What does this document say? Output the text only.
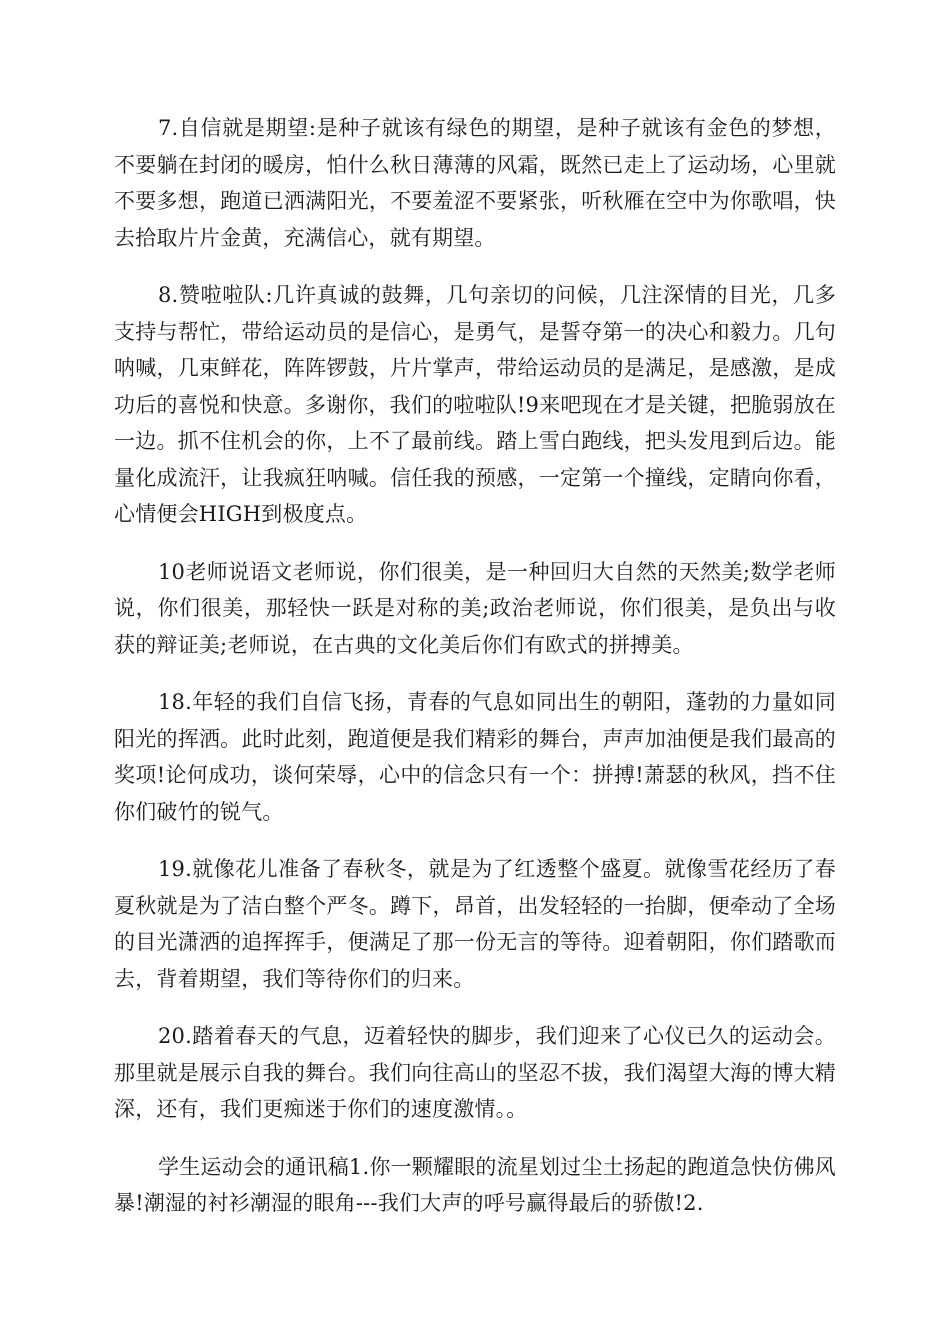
7.自信就是期望:是种子就该有绿色的期望，是种子就该有金色的梦想，不要躺在封闭的暖房，怕什么秋日薄薄的风霜，既然已走上了运动场，心里就不要多想，跑道已洒满阳光，不要羞涩不要紧张，听秋雁在空中为你歌唱，快去拾取片片金黄，充满信心，就有期望。

8.赞啦啦队:几许真诚的鼓舞，几句亲切的问候，几注深情的目光，几多支持与帮忙，带给运动员的是信心，是勇气，是誓夺第一的决心和毅力。几句呐喊，几束鲜花，阵阵锣鼓，片片掌声，带给运动员的是满足，是感激，是成功后的喜悦和快意。多谢你，我们的啦啦队!9来吧现在才是关键，把脆弱放在一边。抓不住机会的你，上不了最前线。踏上雪白跑线，把头发甩到后边。能量化成流汗，让我疯狂呐喊。信任我的预感，一定第一个撞线，定睛向你看，心情便会HIGH到极度点。

10老师说语文老师说，你们很美，是一种回归大自然的天然美;数学老师说，你们很美，那轻快一跃是对称的美;政治老师说，你们很美，是负出与收获的辩证美;老师说，在古典的文化美后你们有欧式的拼搏美。

18.年轻的我们自信飞扬，青春的气息如同出生的朝阳，蓬勃的力量如同阳光的挥洒。此时此刻，跑道便是我们精彩的舞台，声声加油便是我们最高的奖项!论何成功，谈何荣辱，心中的信念只有一个：拼搏!萧瑟的秋风，挡不住你们破竹的锐气。

19.就像花儿准备了春秋冬，就是为了红透整个盛夏。就像雪花经历了春夏秋就是为了洁白整个严冬。蹲下，昂首，出发轻轻的一抬脚，便牵动了全场的目光潇洒的追挥挥手，便满足了那一份无言的等待。迎着朝阳，你们踏歌而去，背着期望，我们等待你们的归来。

20.踏着春天的气息，迈着轻快的脚步，我们迎来了心仪已久的运动会。那里就是展示自我的舞台。我们向往高山的坚忍不拔，我们渴望大海的博大精深，还有，我们更痴迷于你们的速度激情。。

学生运动会的通讯稿1.你一颗耀眼的流星划过尘土扬起的跑道急快仿佛风暴!潮湿的衬衫潮湿的眼角---我们大声的呼号赢得最后的骄傲!2.
